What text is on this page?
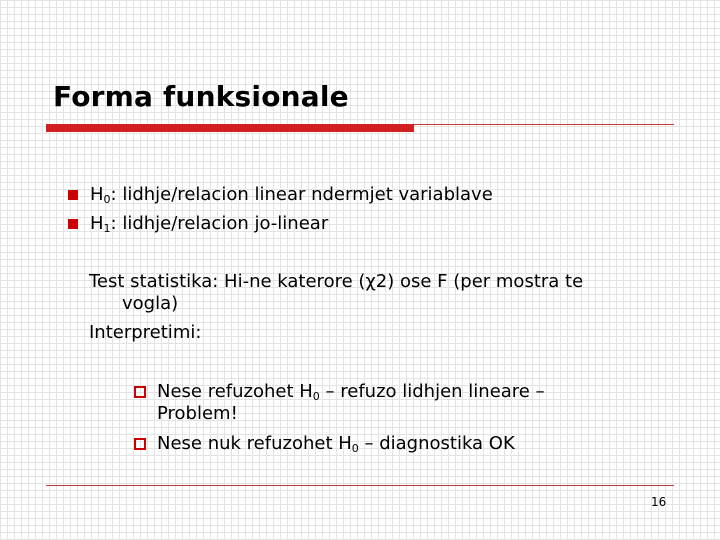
Forma funksionale
$H_0$: lidhje/relacion linear ndermjet variablave
$H_1$: lidhje/relacion jo-linear
Test statistika: Hi-ne katerore (χ2) ose F (per mostra te
vogla)
Interpretimi:
Nese refuzohet $H_0$ – refuzo lidhjen lineare –
Problem!
Nese nuk refuzohet $H_0$ – diagnostika OK
16
